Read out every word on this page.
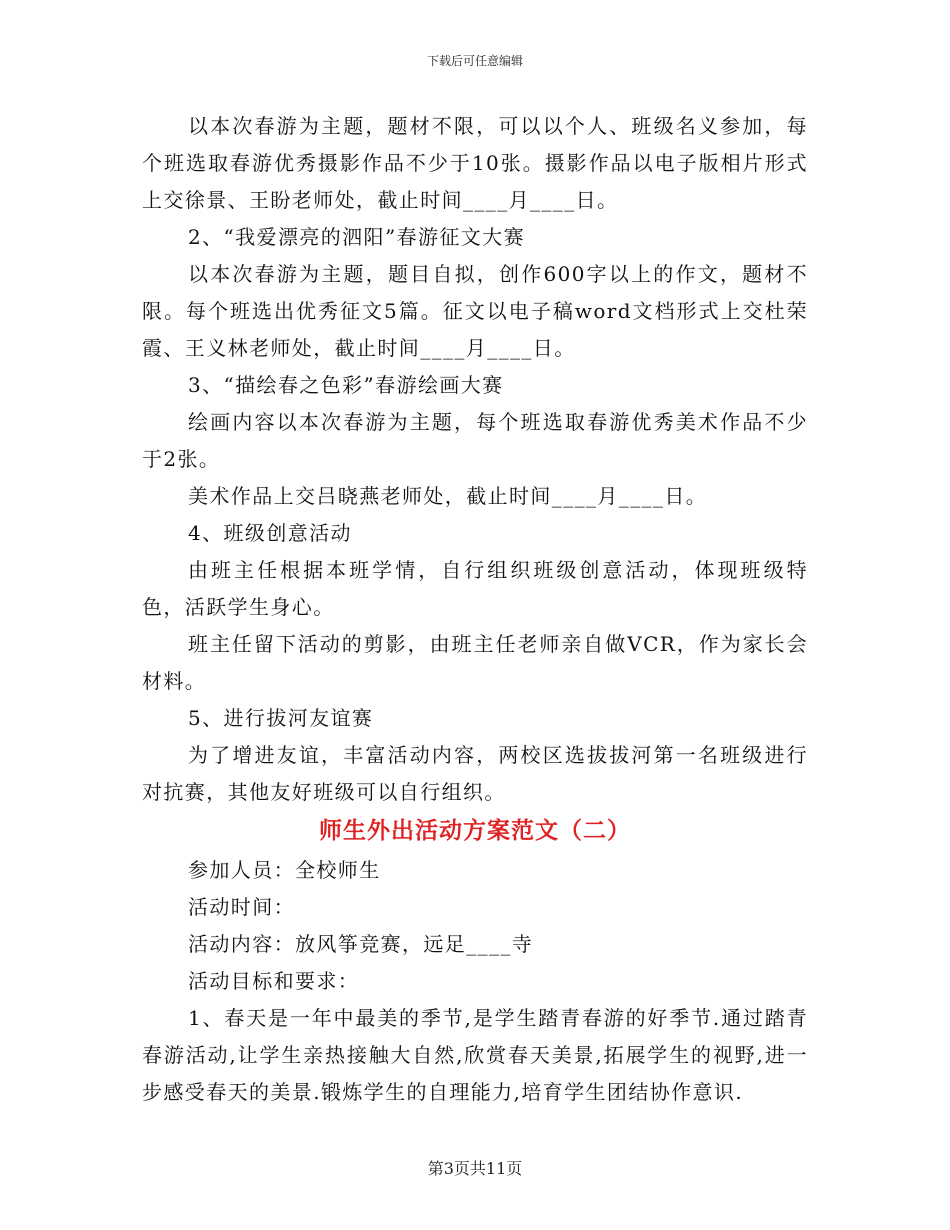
下载后可任意编辑

以本次春游为主题，题材不限，可以以个人、班级名义参加，每个班选取春游优秀摄影作品不少于10张。摄影作品以电子版相片形式上交徐景、王盼老师处，截止时间____月____日。

2、“我爱漂亮的泗阳”春游征文大赛

以本次春游为主题，题目自拟，创作600字以上的作文，题材不限。每个班选出优秀征文5篇。征文以电子稿word文档形式上交杜荣霞、王义林老师处，截止时间____月____日。

3、“描绘春之色彩”春游绘画大赛

绘画内容以本次春游为主题，每个班选取春游优秀美术作品不少于2张。

美术作品上交吕晓燕老师处，截止时间____月____日。

4、班级创意活动

由班主任根据本班学情，自行组织班级创意活动，体现班级特色，活跃学生身心。

班主任留下活动的剪影，由班主任老师亲自做VCR，作为家长会材料。

5、进行拔河友谊赛

为了增进友谊，丰富活动内容，两校区选拔拔河第一名班级进行对抗赛，其他友好班级可以自行组织。

师生外出活动方案范文（二）

参加人员：全校师生

活动时间：

活动内容：放风筝竞赛，远足____寺

活动目标和要求：

1、春天是一年中最美的季节,是学生踏青春游的好季节.通过踏青春游活动,让学生亲热接触大自然,欣赏春天美景,拓展学生的视野,进一步感受春天的美景.锻炼学生的自理能力,培育学生团结协作意识.

第3页共11页
